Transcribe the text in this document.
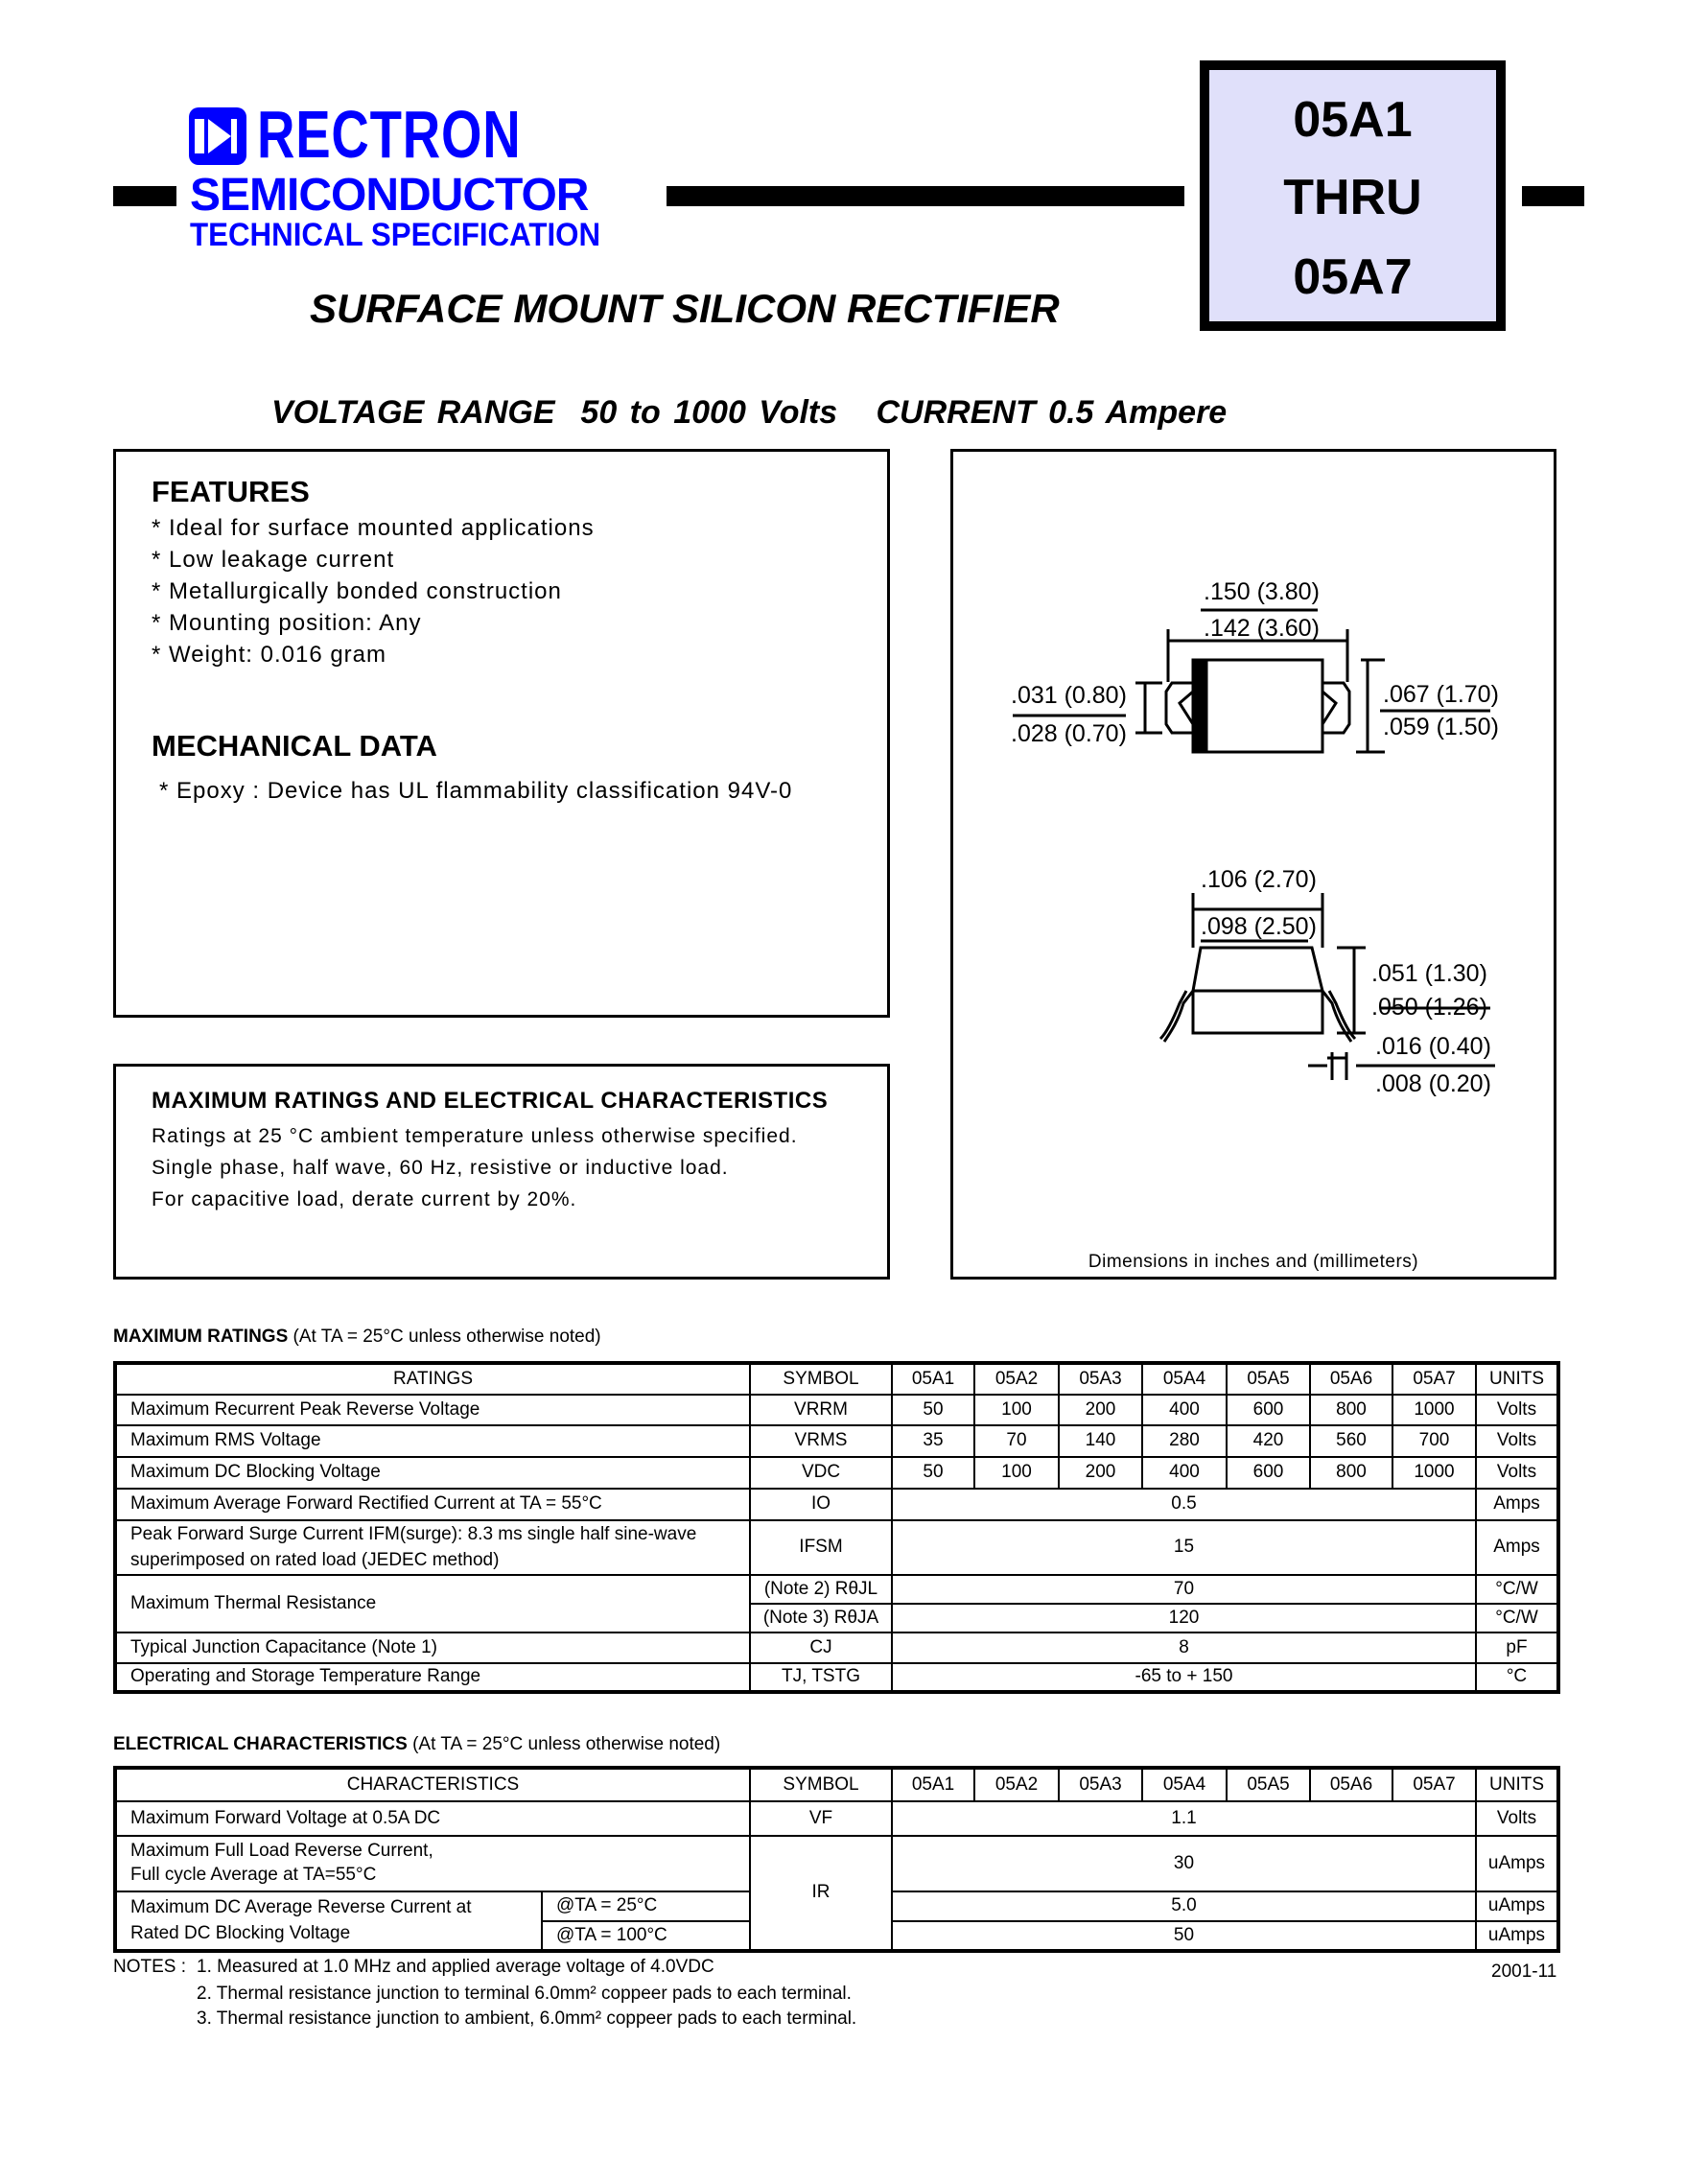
RECTRON
SEMICONDUCTOR
TECHNICAL SPECIFICATION
05A1
THRU
05A7
SURFACE MOUNT SILICON RECTIFIER
VOLTAGE RANGE  50 to 1000 Volts   CURRENT 0.5 Ampere
FEATURES
* Ideal for surface mounted applications
* Low leakage current
* Metallurgically bonded construction
* Mounting position: Any
* Weight: 0.016 gram
MECHANICAL DATA
* Epoxy : Device has UL flammability classification 94V-0
MAXIMUM RATINGS AND ELECTRICAL CHARACTERISTICS
Ratings at 25 °C ambient temperature unless otherwise specified.
Single phase, half wave, 60 Hz, resistive or inductive load.
For capacitive load, derate current by 20%.
.150 (3.80)
.142 (3.60)
.031 (0.80)
.028 (0.70)
.067 (1.70)
.059 (1.50)
.106 (2.70)
.098 (2.50)
.051 (1.30)
.050 (1.26)
.016 (0.40)
.008 (0.20)
Dimensions in inches and (millimeters)
MAXIMUM RATINGS (At TA = 25°C unless otherwise noted)
RATINGS	SYMBOL	05A1	05A2	05A3	05A4	05A5	05A6	05A7	UNITS
Maximum Recurrent Peak Reverse Voltage	VRRM	50	100	200	400	600	800	1000	Volts
Maximum RMS Voltage	VRMS	35	70	140	280	420	560	700	Volts
Maximum DC Blocking Voltage	VDC	50	100	200	400	600	800	1000	Volts
Maximum Average Forward Rectified Current at TA = 55°C	IO	0.5							Amps

Peak Forward Surge Current IFM(surge): 8.3 ms single half sine-wave
superimposed on rated load (JEDEC method)	IFSM	15							Amps
Maximum Thermal Resistance	(Note 2) RθJL	70							°C/W
	(Note 3) RθJA	120							°C/W
Typical Junction Capacitance (Note 1)	CJ	8							pF
Operating and Storage Temperature Range	TJ, TSTG	-65 to + 150							°C
ELECTRICAL CHARACTERISTICS (At TA = 25°C unless otherwise noted)
CHARACTERISTICS		SYMBOL	05A1	05A2	05A3	05A4	05A5	05A6	05A7	UNITS
Maximum Forward Voltage at 0.5A DC		VF	1.1							Volts

Maximum Full Load Reverse Current,
Full cycle Average at TA=55°C		IR	30							uAmps

Maximum DC Average Reverse Current at
Rated DC Blocking Voltage	@TA = 25°C		5.0							uAmps
	@TA = 100°C		50							uAmps
NOTES : 1. Measured at 1.0 MHz and applied average voltage of 4.0VDC
2. Thermal resistance junction to terminal 6.0mm² coppeer pads to each terminal.
3. Thermal resistance junction to ambient, 6.0mm² coppeer pads to each terminal.
2001-11
